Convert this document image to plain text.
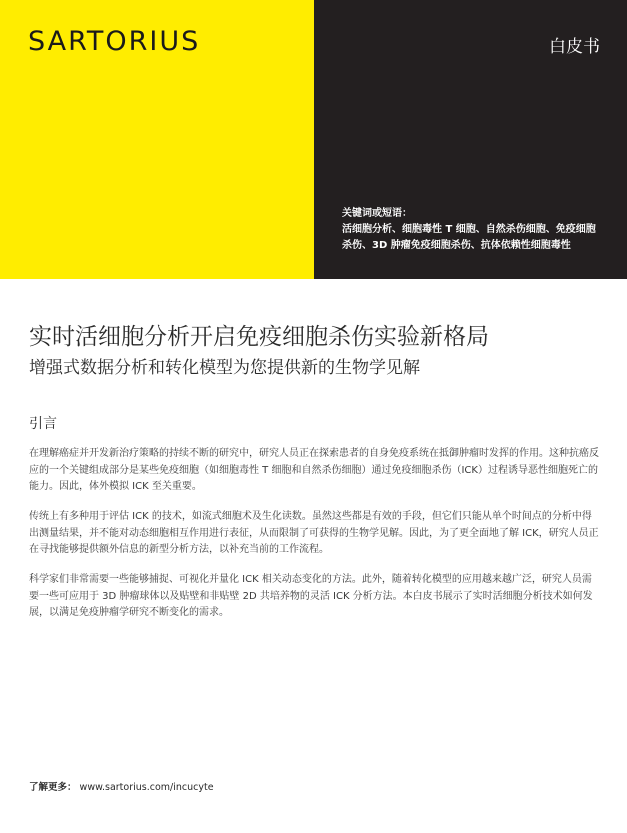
SARTORIUS	白皮书
关键词或短语：
活细胞分析、细胞毒性 T 细胞、自然杀伤细胞、免疫细胞杀伤、3D 肿瘤免疫细胞杀伤、抗体依赖性细胞毒性
实时活细胞分析开启免疫细胞杀伤实验新格局
增强式数据分析和转化模型为您提供新的生物学见解
引言

在理解癌症并开发新治疗策略的持续不断的研究中，研究人员正在探索患者的自身免疫系统在抵御肿瘤时发挥的作用。这种抗癌反应的一个关键组成部分是某些免疫细胞（如细胞毒性 T 细胞和自然杀伤细胞）通过免疫细胞杀伤（ICK）过程诱导恶性细胞死亡的能力。因此，体外模拟 ICK 至关重要。

传统上有多种用于评估 ICK 的技术，如流式细胞术及生化读数。虽然这些都是有效的手段，但它们只能从单个时间点的分析中得出测量结果，并不能对动态细胞相互作用进行表征，从而限制了可获得的生物学见解。因此，为了更全面地了解 ICK，研究人员正在寻找能够提供额外信息的新型分析方法，以补充当前的工作流程。

科学家们非常需要一些能够捕捉、可视化并量化 ICK 相关动态变化的方法。此外，随着转化模型的应用越来越广泛，研究人员需要一些可应用于 3D 肿瘤球体以及贴壁和非贴壁 2D 共培养物的灵活 ICK 分析方法。本白皮书展示了实时活细胞分析技术如何发展，以满足免疫肿瘤学研究不断变化的需求。

了解更多： www.sartorius.com/incucyte
